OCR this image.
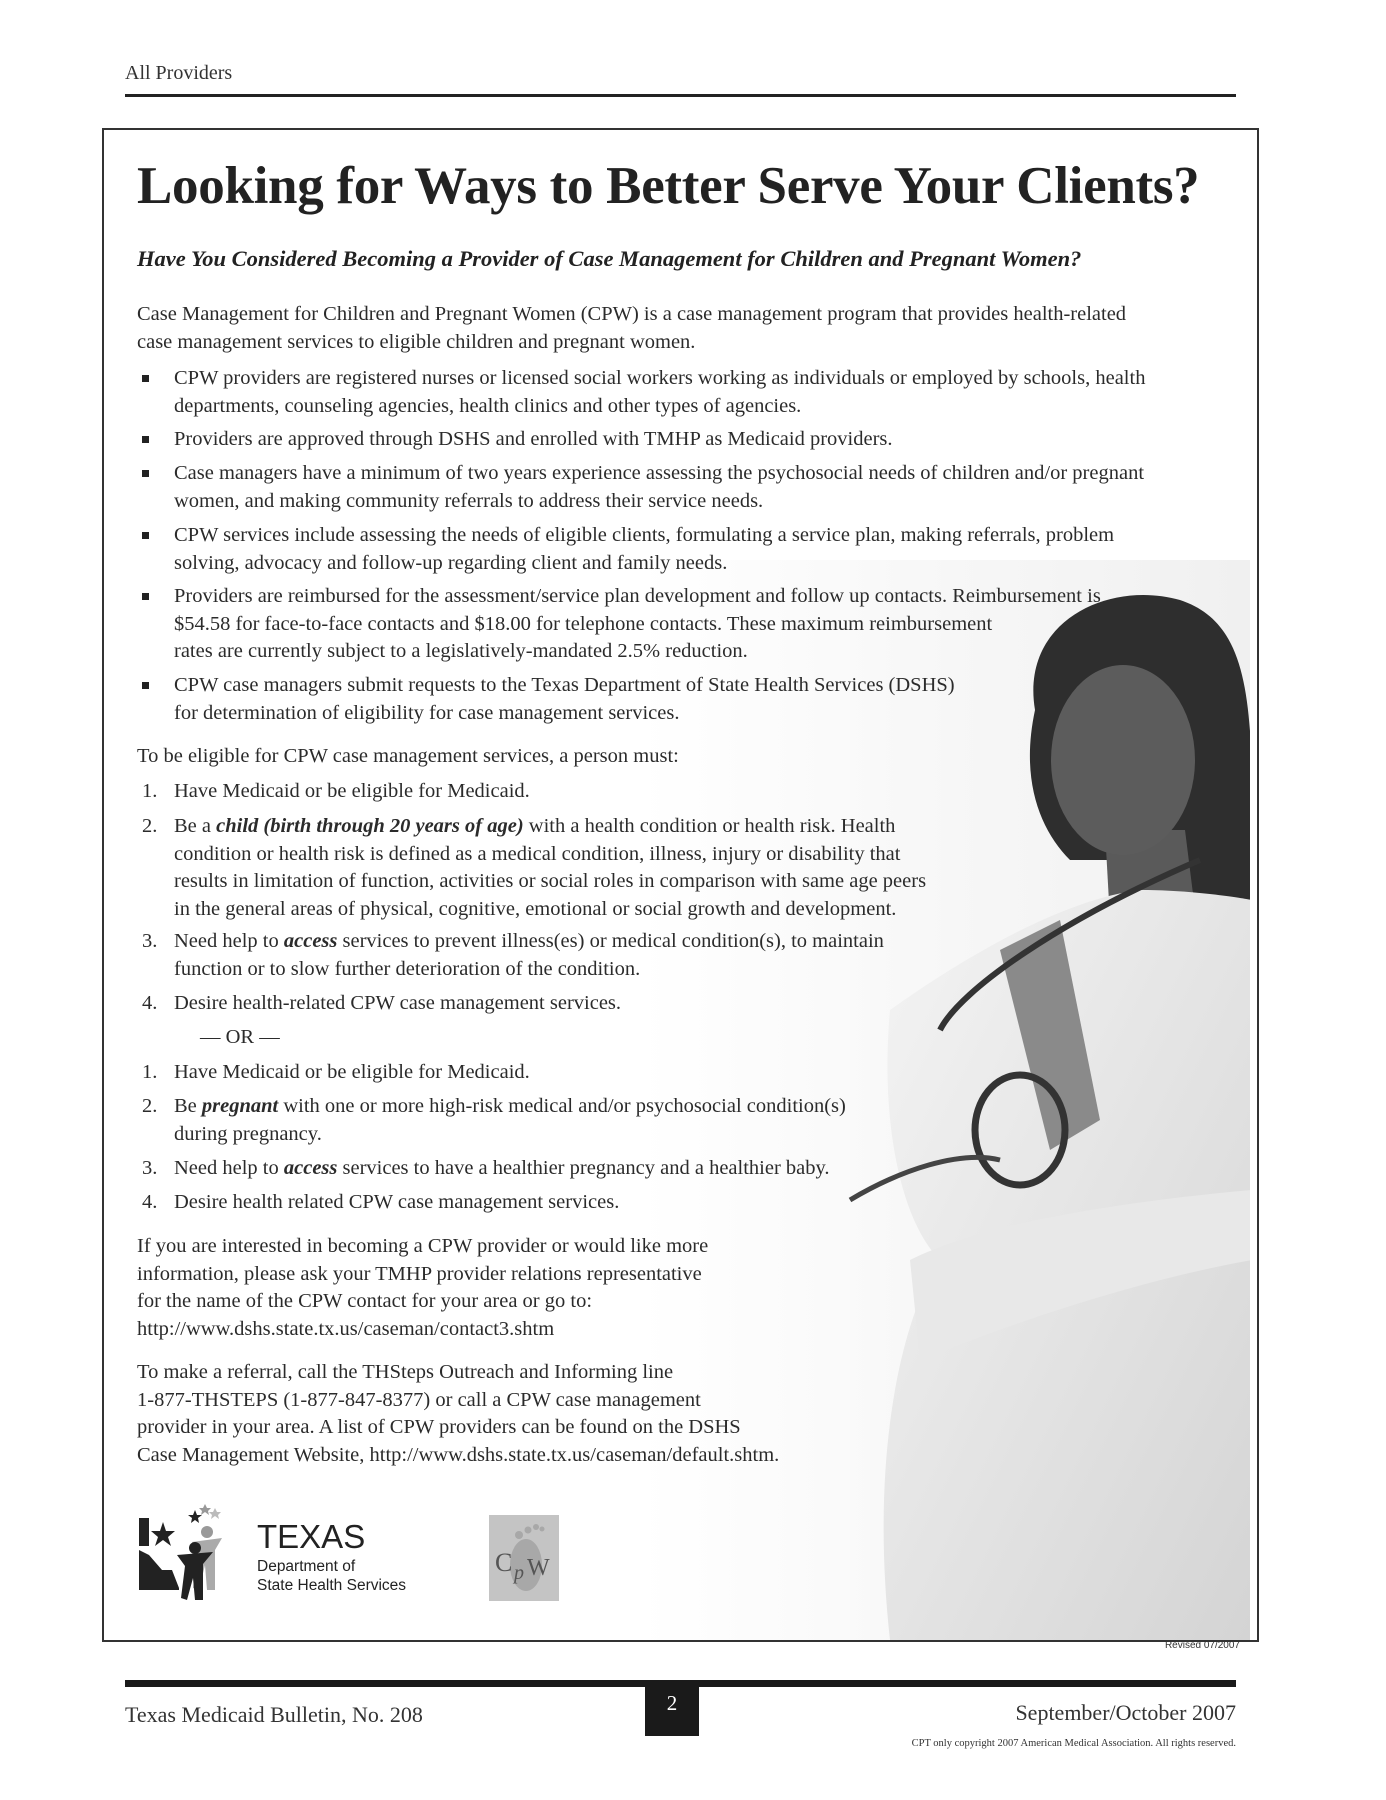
All Providers
Looking for Ways to Better Serve Your Clients?
Have You Considered Becoming a Provider of Case Management for Children and Pregnant Women?
Case Management for Children and Pregnant Women (CPW) is a case management program that provides health-related
case management services to eligible children and pregnant women.
CPW providers are registered nurses or licensed social workers working as individuals or employed by schools, health
departments, counseling agencies, health clinics and other types of agencies.
Providers are approved through DSHS and enrolled with TMHP as Medicaid providers.
Case managers have a minimum of two years experience assessing the psychosocial needs of children and/or pregnant
women, and making community referrals to address their service needs.
CPW services include assessing the needs of eligible clients, formulating a service plan, making referrals, problem
solving, advocacy and follow-up regarding client and family needs.
Providers are reimbursed for the assessment/service plan development and follow up contacts. Reimbursement is
$54.58 for face-to-face contacts and $18.00 for telephone contacts. These maximum reimbursement
rates are currently subject to a legislatively-mandated 2.5% reduction.
CPW case managers submit requests to the Texas Department of State Health Services (DSHS)
for determination of eligibility for case management services.
To be eligible for CPW case management services, a person must:
1. Have Medicaid or be eligible for Medicaid.
2. Be a child (birth through 20 years of age) with a health condition or health risk. Health
condition or health risk is defined as a medical condition, illness, injury or disability that
results in limitation of function, activities or social roles in comparison with same age peers
in the general areas of physical, cognitive, emotional or social growth and development.
3. Need help to access services to prevent illness(es) or medical condition(s), to maintain
function or to slow further deterioration of the condition.
4. Desire health-related CPW case management services.
— OR —
1. Have Medicaid or be eligible for Medicaid.
2. Be pregnant with one or more high-risk medical and/or psychosocial condition(s)
during pregnancy.
3. Need help to access services to have a healthier pregnancy and a healthier baby.
4. Desire health related CPW case management services.
If you are interested in becoming a CPW provider or would like more
information, please ask your TMHP provider relations representative
for the name of the CPW contact for your area or go to:
http://www.dshs.state.tx.us/caseman/contact3.shtm
To make a referral, call the THSteps Outreach and Informing line
1-877-THSTEPS (1-877-847-8377) or call a CPW case management
provider in your area. A list of CPW providers can be found on the DSHS
Case Management Website, http://www.dshs.state.tx.us/caseman/default.shtm.
TEXAS
Department of
State Health Services
C p W
Revised 07/2007
2
Texas Medicaid Bulletin, No. 208	September/October 2007
CPT only copyright 2007 American Medical Association. All rights reserved.
